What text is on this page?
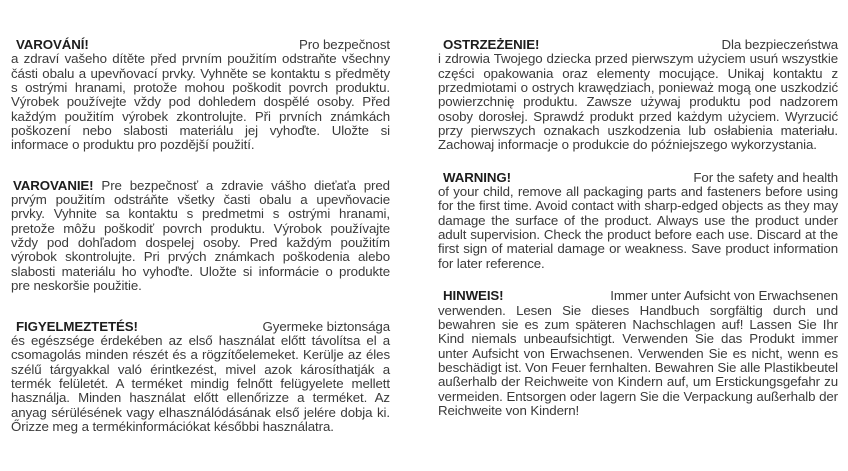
VAROVÁNÍ!	Pro bezpečnost

a zdraví vašeho dítěte před prvním použitím odstraňte všechny části obalu a upevňovací prvky. Vyhněte se kontaktu s předměty s ostrými hranami, protože mohou poškodit povrch produktu. Výrobek používejte vždy pod dohledem dospělé osoby. Před každým použitím výrobek zkontrolujte. Při prvních známkách poškození nebo slabosti materiálu jej vyhoďte. Uložte si informace o produktu pro pozdější použití.

VAROVANIE! Pre bezpečnosť a zdravie vášho dieťaťa pred prvým použitím odstráňte všetky časti obalu a upevňovacie prvky. Vyhnite sa kontaktu s predmetmi s ostrými hranami, pretože môžu poškodiť povrch produktu. Výrobok používajte vždy pod dohľadom dospelej osoby. Pred každým použitím výrobok skontrolujte. Pri prvých známkach poškodenia alebo slabosti materiálu ho vyhoďte. Uložte si informácie o produkte pre neskoršie použitie.

FIGYELMEZTETÉS!	Gyermeke biztonsága

és egészsége érdekében az első használat előtt távolítsa el a csomagolás minden részét és a rögzítőelemeket. Kerülje az éles szélű tárgyakkal való érintkezést, mivel azok károsíthatják a termék felületét. A terméket mindig felnőtt felügyelete mellett használja. Minden használat előtt ellenőrizze a terméket. Az anyag sérülésének vagy elhasználódásának első jelére dobja ki. Őrizze meg a termékinformációkat későbbi használatra.

OSTRZEŻENIE!	Dla bezpieczeństwa

i zdrowia Twojego dziecka przed pierwszym użyciem usuń wszystkie części opakowania oraz elementy mocujące. Unikaj kontaktu z przedmiotami o ostrych krawędziach, ponieważ mogą one uszkodzić powierzchnię produktu. Zawsze używaj produktu pod nadzorem osoby dorosłej. Sprawdź produkt przed każdym użyciem. Wyrzucić przy pierwszych oznakach uszkodzenia lub osłabienia materiału. Zachowaj informacje o produkcie do późniejszego wykorzystania.

WARNING!	For the safety and health

of your child, remove all packaging parts and fasteners before using for the first time. Avoid contact with sharp-edged objects as they may damage the surface of the product. Always use the product under adult supervision. Check the product before each use. Discard at the first sign of material damage or weakness. Save product information for later reference.

HINWEIS!	Immer unter Aufsicht von Erwachsenen

verwenden. Lesen Sie dieses Handbuch sorgfältig durch und bewahren sie es zum späteren Nachschlagen auf! Lassen Sie Ihr Kind niemals unbeaufsichtigt. Verwenden Sie das Produkt immer unter Aufsicht von Erwachsenen. Verwenden Sie es nicht, wenn es beschädigt ist. Von Feuer fernhalten. Bewahren Sie alle Plastikbeutel außerhalb der Reichweite von Kindern auf, um Erstickungsgefahr zu vermeiden. Entsorgen oder lagern Sie die Verpackung außerhalb der Reichweite von Kindern!
